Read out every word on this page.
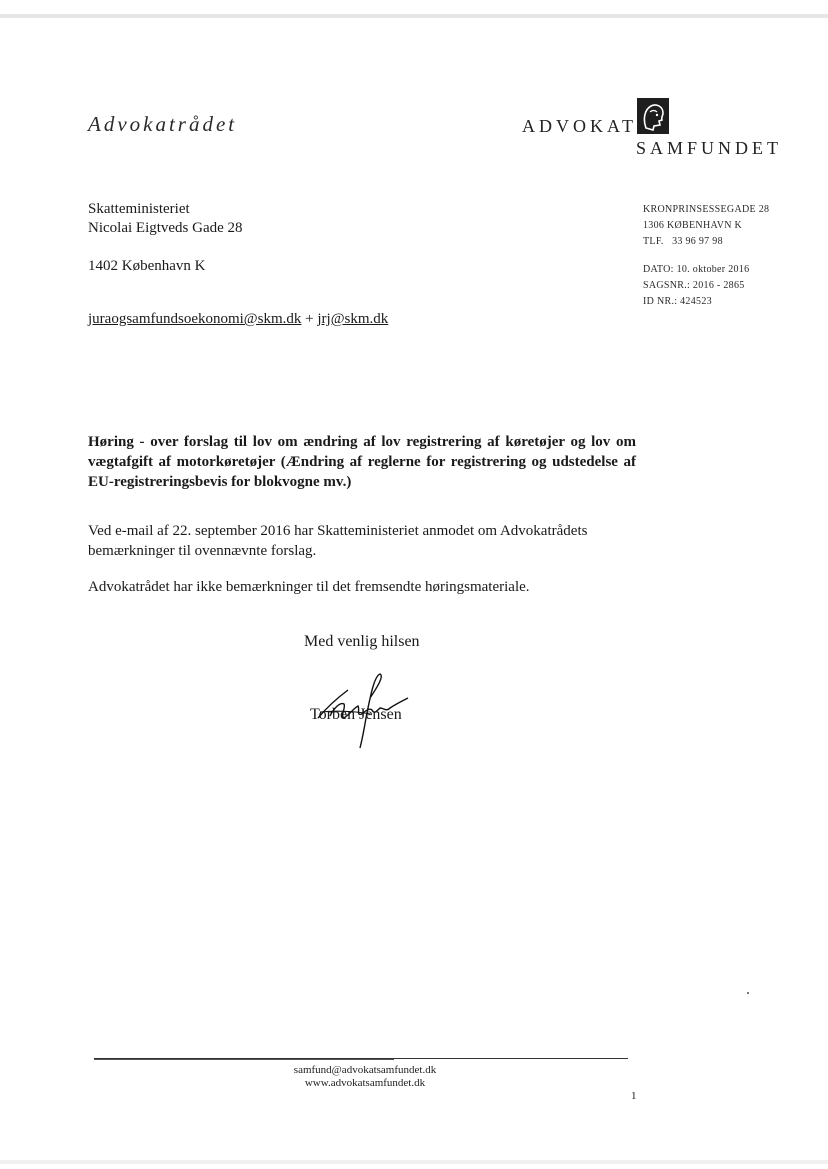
Advokatrådet	ADVOKAT
SAMFUNDET
Skatteministeriet
Nicolai Eigtveds Gade 28
1402 København K
juraogsamfundsoekonomi@skm.dk + jrj@skm.dk
KRONPRINSESSEGADE 28
1306 KØBENHAVN K
TLF.   33 96 97 98
DATO: 10. oktober 2016
SAGSNR.: 2016 - 2865
ID NR.: 424523
Høring - over forslag til lov om ændring af lov registrering af køretøjer og lov om vægtafgift af motorkøretøjer (Ændring af reglerne for registrering og udstedelse af EU-registreringsbevis for blokvogne mv.)
Ved e-mail af 22. september 2016 har Skatteministeriet anmodet om Advokatrådets bemærkninger til ovennævnte forslag.
Advokatrådet har ikke bemærkninger til det fremsendte høringsmateriale.
Med venlig hilsen
Torben Jensen
samfund@advokatsamfundet.dk
www.advokatsamfundet.dk
1
